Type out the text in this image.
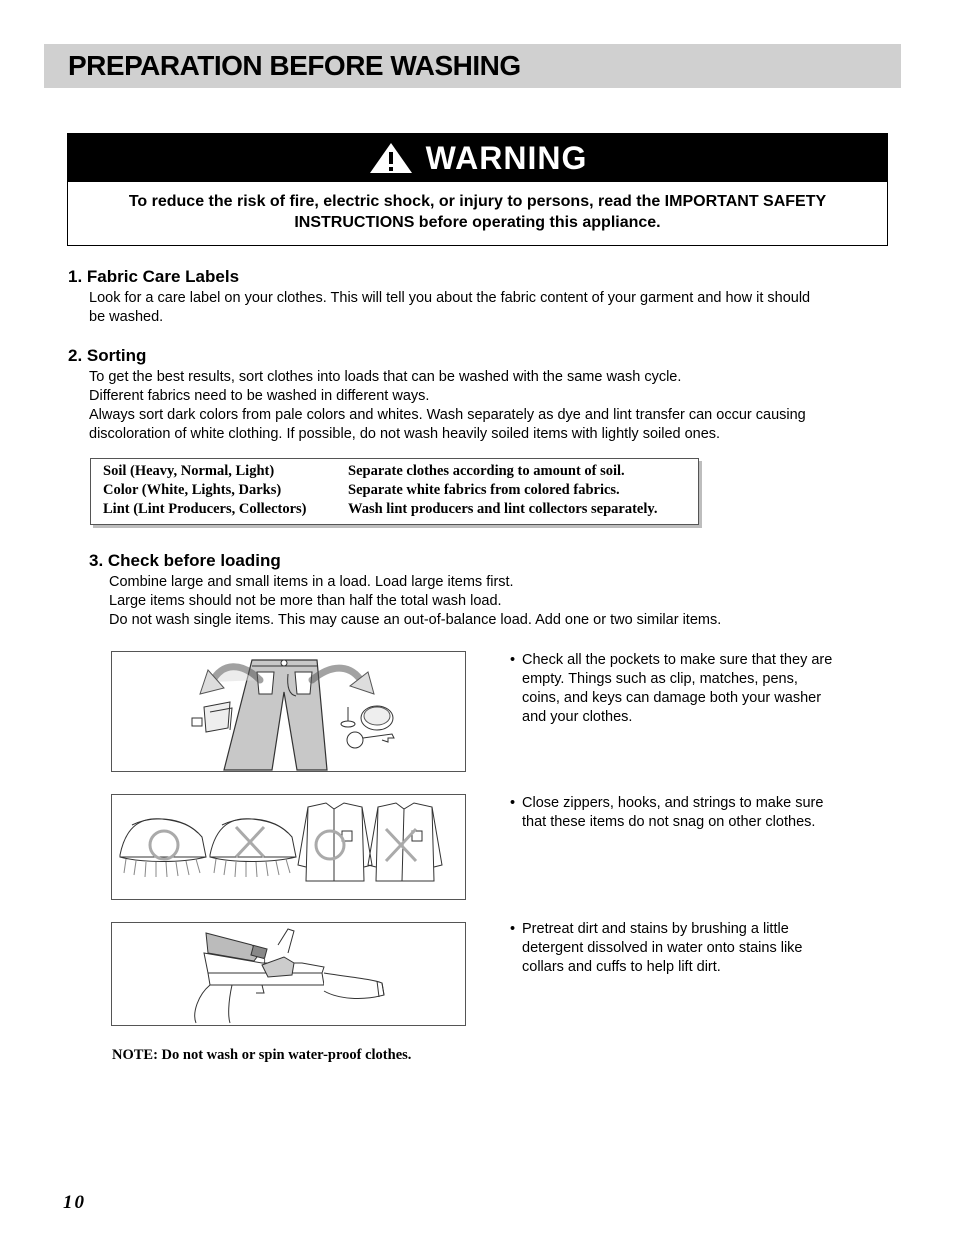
PREPARATION BEFORE WASHING
WARNING
To reduce the risk of fire, electric shock, or injury to persons, read the IMPORTANT SAFETY
INSTRUCTIONS before operating this appliance.
1. Fabric Care Labels
Look for a care label on your clothes. This will tell you about the fabric content of your garment and how it should
be washed.
2. Sorting
To get the best results, sort clothes into loads that can be washed with the same wash cycle.
Different fabrics need to be washed in different ways.
Always sort dark colors from pale colors and whites. Wash separately as dye and lint transfer can occur causing
discoloration of white clothing. If possible, do not wash heavily soiled items with lightly soiled ones.
Soil (Heavy, Normal, Light)	Separate clothes according to amount of soil.
Color (White, Lights, Darks)	Separate white fabrics from colored fabrics.
Lint (Lint Producers, Collectors)	Wash lint producers and lint collectors separately.
3. Check before loading
Combine large and small items in a load. Load large items first.
Large items should not be more than half the total wash load.
Do not wash single items. This may cause an out-of-balance load. Add one or two similar items.
• Check all the pockets to make sure that they are
empty. Things such as clip, matches, pens,
coins, and keys can damage both your washer
and your clothes.
• Close zippers, hooks, and strings to make sure
that these items do not snag on other clothes.
• Pretreat dirt and stains by brushing a little
detergent dissolved in water onto stains like
collars and cuffs to help lift dirt.
NOTE: Do not wash or spin water-proof clothes.
10
